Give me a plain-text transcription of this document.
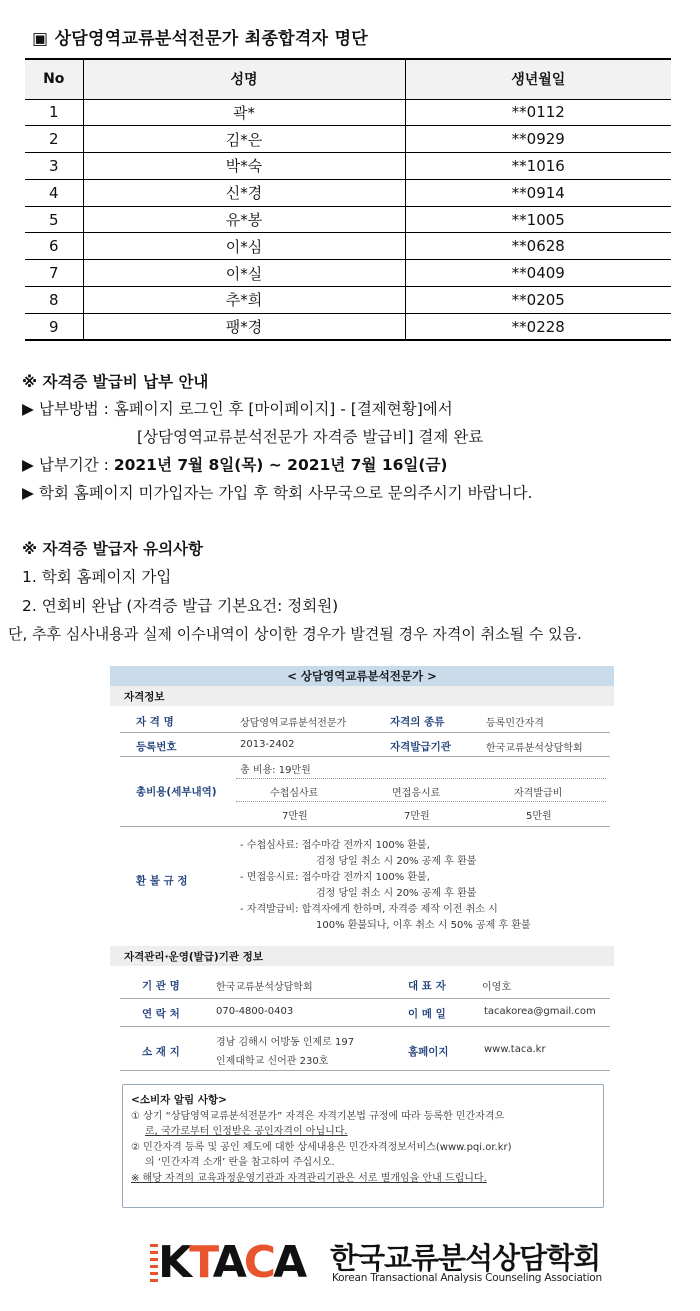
▣ 상담영역교류분석전문가 최종합격자 명단
No	성명	생년월일
1	곽*	**0112
2	김*은	**0929
3	박*숙	**1016
4	신*경	**0914
5	유*봉	**1005
6	이*심	**0628
7	이*실	**0409
8	추*희	**0205
9	팽*경	**0228
※ 자격증 발급비 납부 안내
▶ 납부방법 : 홈페이지 로그인 후 [마이페이지] - [결제현황]에서
[상담영역교류분석전문가 자격증 발급비] 결제 완료
▶ 납부기간 : 2021년 7월 8일(목) ~ 2021년 7월 16일(금)
▶ 학회 홈페이지 미가입자는 가입 후 학회 사무국으로 문의주시기 바랍니다.
※ 자격증 발급자 유의사항
1. 학회 홈페이지 가입
2. 연회비 완납 (자격증 발급 기본요건: 정회원)
단, 추후 심사내용과 실제 이수내역이 상이한 경우가 발견될 경우 자격이 취소될 수 있음.
< 상담영역교류분석전문가 >
자격정보
자 격 명	상담영역교류분석전문가	자격의 종류	등록민간자격
등록번호	2013-2402	자격발급기관	한국교류분석상담학회
총비용(세부내역)
총 비용: 19만원
수첩심사료	면접응시료	자격발급비
7만원	7만원	5만원
환 불 규 정
- 수첩심사료: 접수마감 전까지 100% 환불,
검정 당일 취소 시 20% 공제 후 환불
- 면접응시료: 접수마감 전까지 100% 환불,
검정 당일 취소 시 20% 공제 후 환불
- 자격발급비: 합격자에게 한하며, 자격증 제작 이전 취소 시
100% 환불되나, 이후 취소 시 50% 공제 후 환불
자격관리·운영(발급)기관 정보
기 관 명	한국교류분석상담학회	대 표 자	이영호
연 락 처	070-4800-0403	이 메 일	tacakorea@gmail.com
소 재 지
경남 김해시 어방동 인제로 197
인제대학교 신어관 230호
홈페이지	www.taca.kr
<소비자 알림 사항>
① 상기 “상담영역교류분석전문가” 자격은 자격기본법 규정에 따라 등록한 민간자격으
로, 국가로부터 인정받은 공인자격이 아닙니다.
② 민간자격 등록 및 공인 제도에 대한 상세내용은 민간자격정보서비스(www.pqi.or.kr)
의 ‘민간자격 소개’ 란을 참고하여 주십시오.
※ 해당 자격의 교육과정운영기관과 자격관리기관은 서로 별개임을 안내 드립니다.
KTACA 한국교류분석상담학회
Korean Transactional Analysis Counseling Association
